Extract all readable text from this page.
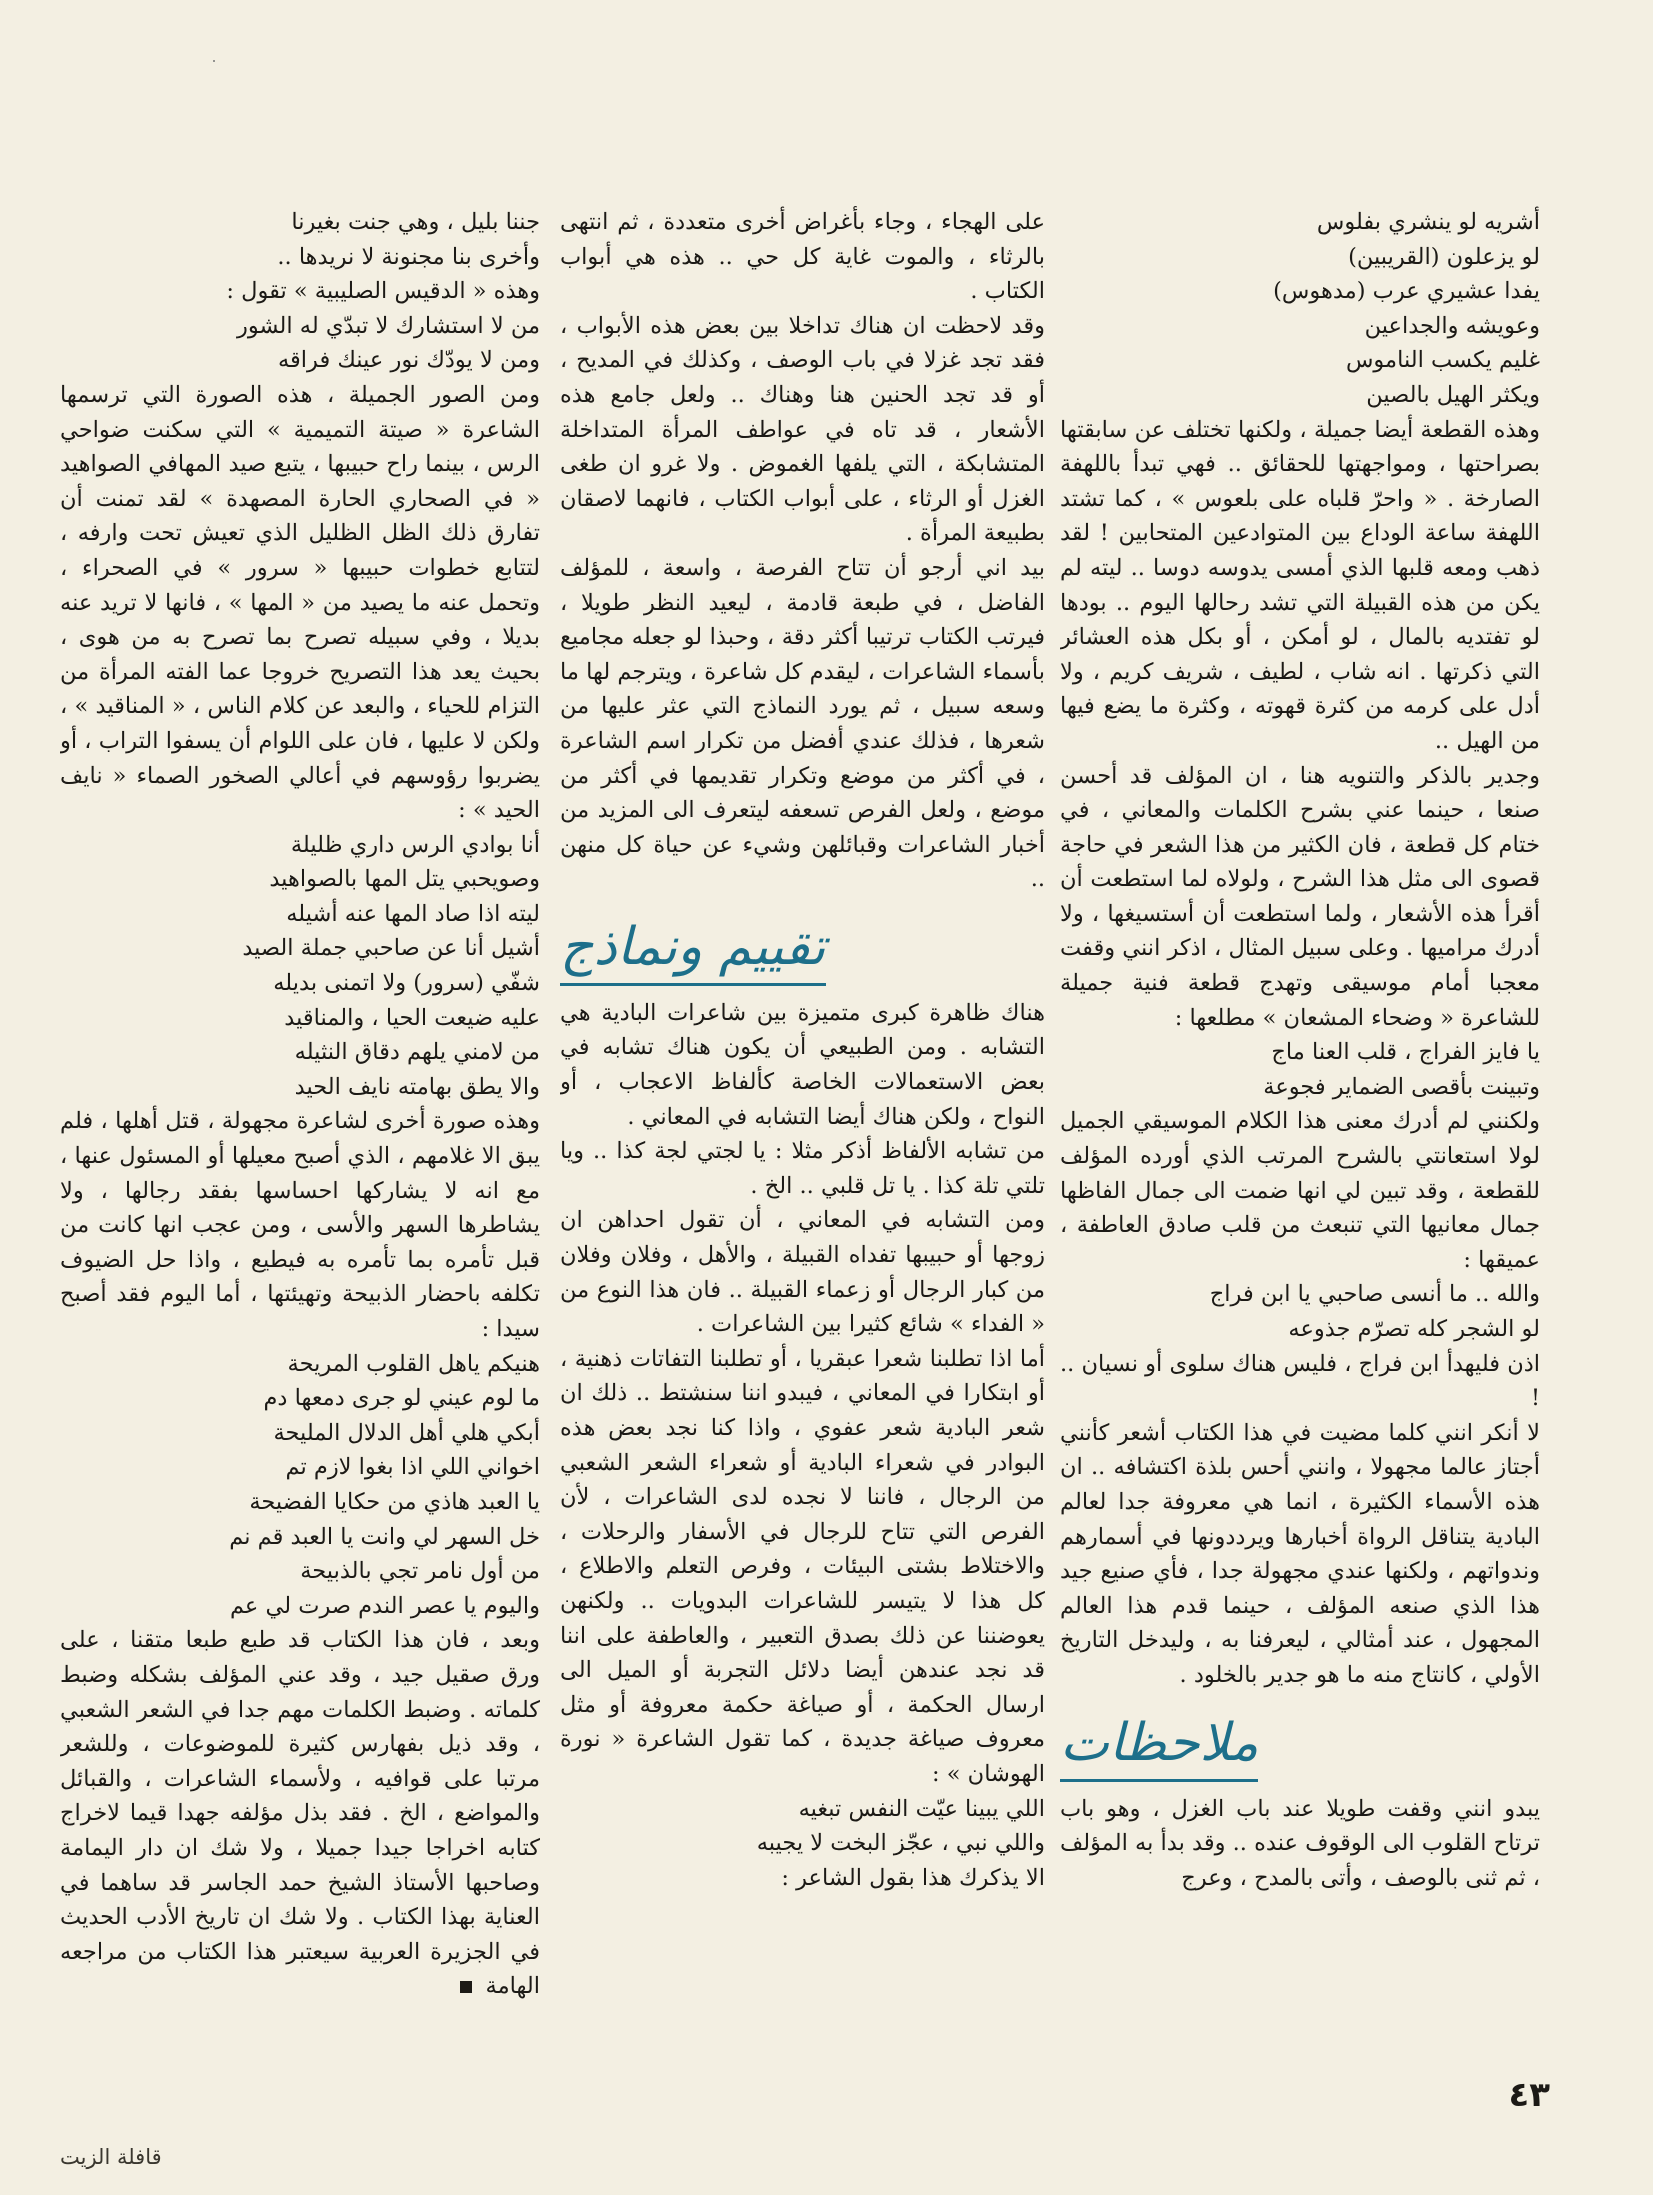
أشريه لو ينشري بفلوس
لو يزعلون (القريبين)
يفدا عشيري عرب (مدهوس)
وعويشه والجداعين
غليم يكسب الناموس
ويكثر الهيل بالصين

وهذه القطعة أيضا جميلة ، ولكنها تختلف عن سابقتها بصراحتها ، ومواجهتها للحقائق .. فهي تبدأ باللهفة الصارخة . « واحرّ قلباه على بلعوس » ، كما تشتد اللهفة ساعة الوداع بين المتوادعين المتحابين ! لقد ذهب ومعه قلبها الذي أمسى يدوسه دوسا .. ليته لم يكن من هذه القبيلة التي تشد رحالها اليوم .. بودها لو تفتديه بالمال ، لو أمكن ، أو بكل هذه العشائر التي ذكرتها . انه شاب ، لطيف ، شريف كريم ، ولا أدل على كرمه من كثرة قهوته ، وكثرة ما يضع فيها من الهيل ..

وجدير بالذكر والتنويه هنا ، ان المؤلف قد أحسن صنعا ، حينما عني بشرح الكلمات والمعاني ، في ختام كل قطعة ، فان الكثير من هذا الشعر في حاجة قصوى الى مثل هذا الشرح ، ولولاه لما استطعت أن أقرأ هذه الأشعار ، ولما استطعت أن أستسيغها ، ولا أدرك مراميها . وعلى سبيل المثال ، اذكر انني وقفت معجبا أمام موسيقى وتهدج قطعة فنية جميلة للشاعرة « وضحاء المشعان » مطلعها :

يا فايز الفراج ، قلب العنا ماج
وتبينت بأقصى الضماير فجوعة

ولكنني لم أدرك معنى هذا الكلام الموسيقي الجميل لولا استعانتي بالشرح المرتب الذي أورده المؤلف للقطعة ، وقد تبين لي انها ضمت الى جمال الفاظها جمال معانيها التي تنبعث من قلب صادق العاطفة ، عميقها :

والله .. ما أنسى صاحبي يا ابن فراج
لو الشجر كله تصرّم جذوعه

اذن فليهدأ ابن فراج ، فليس هناك سلوى أو نسيان .. !

لا أنكر انني كلما مضيت في هذا الكتاب أشعر كأنني أجتاز عالما مجهولا ، وانني أحس بلذة اكتشافه .. ان هذه الأسماء الكثيرة ، انما هي معروفة جدا لعالم البادية يتناقل الرواة أخبارها ويرددونها في أسمارهم وندواتهم ، ولكنها عندي مجهولة جدا ، فأي صنيع جيد هذا الذي صنعه المؤلف ، حينما قدم هذا العالم المجهول ، عند أمثالي ، ليعرفنا به ، وليدخل التاريخ الأولي ، كانتاج منه ما هو جدير بالخلود .

ملاحظات

يبدو انني وقفت طويلا عند باب الغزل ، وهو باب ترتاح القلوب الى الوقوف عنده .. وقد بدأ به المؤلف ، ثم ثنى بالوصف ، وأتى بالمدح ، وعرج

على الهجاء ، وجاء بأغراض أخرى متعددة ، ثم انتهى بالرثاء ، والموت غاية كل حي .. هذه هي أبواب الكتاب .

وقد لاحظت ان هناك تداخلا بين بعض هذه الأبواب ، فقد تجد غزلا في باب الوصف ، وكذلك في المديح ، أو قد تجد الحنين هنا وهناك .. ولعل جامع هذه الأشعار ، قد تاه في عواطف المرأة المتداخلة المتشابكة ، التي يلفها الغموض . ولا غرو ان طغى الغزل أو الرثاء ، على أبواب الكتاب ، فانهما لاصقان بطبيعة المرأة .

بيد اني أرجو أن تتاح الفرصة ، واسعة ، للمؤلف الفاضل ، في طبعة قادمة ، ليعيد النظر طويلا ، فيرتب الكتاب ترتيبا أكثر دقة ، وحبذا لو جعله مجاميع بأسماء الشاعرات ، ليقدم كل شاعرة ، ويترجم لها ما وسعه سبيل ، ثم يورد النماذج التي عثر عليها من شعرها ، فذلك عندي أفضل من تكرار اسم الشاعرة ، في أكثر من موضع وتكرار تقديمها في أكثر من موضع ، ولعل الفرص تسعفه ليتعرف الى المزيد من أخبار الشاعرات وقبائلهن وشيء عن حياة كل منهن ..

تقييم ونماذج

هناك ظاهرة كبرى متميزة بين شاعرات البادية هي التشابه . ومن الطبيعي أن يكون هناك تشابه في بعض الاستعمالات الخاصة كألفاظ الاعجاب ، أو النواح ، ولكن هناك أيضا التشابه في المعاني .

من تشابه الألفاظ أذكر مثلا : يا لجتي لجة كذا .. ويا تلتي تلة كذا . يا تل قلبي .. الخ .

ومن التشابه في المعاني ، أن تقول احداهن ان زوجها أو حبيبها تفداه القبيلة ، والأهل ، وفلان وفلان من كبار الرجال أو زعماء القبيلة .. فان هذا النوع من « الفداء » شائع كثيرا بين الشاعرات .

أما اذا تطلبنا شعرا عبقريا ، أو تطلبنا التفاتات ذهنية ، أو ابتكارا في المعاني ، فيبدو اننا سنشتط .. ذلك ان شعر البادية شعر عفوي ، واذا كنا نجد بعض هذه البوادر في شعراء البادية أو شعراء الشعر الشعبي من الرجال ، فاننا لا نجده لدى الشاعرات ، لأن الفرص التي تتاح للرجال في الأسفار والرحلات ، والاختلاط بشتى البيئات ، وفرص التعلم والاطلاع ، كل هذا لا يتيسر للشاعرات البدويات .. ولكنهن يعوضننا عن ذلك بصدق التعبير ، والعاطفة على اننا قد نجد عندهن أيضا دلائل التجربة أو الميل الى ارسال الحكمة ، أو صياغة حكمة معروفة أو مثل معروف صياغة جديدة ، كما تقول الشاعرة « نورة الهوشان » :

اللي يبينا عيّت النفس تبغيه
واللي نبي ، عجّز البخت لا يجيبه

الا يذكرك هذا بقول الشاعر :

جننا بليل ، وهي جنت بغيرنا
وأخرى بنا مجنونة لا نريدها ..

وهذه « الدقيس الصليبية » تقول :

من لا استشارك لا تبدّي له الشور
ومن لا يودّك نور عينك فراقه

ومن الصور الجميلة ، هذه الصورة التي ترسمها الشاعرة « صيتة التميمية » التي سكنت ضواحي الرس ، بينما راح حبيبها ، يتبع صيد المهافي الصواهيد « في الصحاري الحارة المصهدة » لقد تمنت أن تفارق ذلك الظل الظليل الذي تعيش تحت وارفه ، لتتابع خطوات حبيبها « سرور » في الصحراء ، وتحمل عنه ما يصيد من « المها » ، فانها لا تريد عنه بديلا ، وفي سبيله تصرح بما تصرح به من هوى ، بحيث يعد هذا التصريح خروجا عما الفته المرأة من التزام للحياء ، والبعد عن كلام الناس ، « المناقيد » ، ولكن لا عليها ، فان على اللوام أن يسفوا التراب ، أو يضربوا رؤوسهم في أعالي الصخور الصماء « نايف الحيد » :

أنا بوادي الرس داري ظليلة
وصويحبي يتل المها بالصواهيد
ليته اذا صاد المها عنه أشيله
أشيل أنا عن صاحبي جملة الصيد
شفّي (سرور) ولا اتمنى بديله
عليه ضيعت الحيا ، والمناقيد
من لامني يلهم دقاق النثيله
والا يطق بهامته نايف الحيد

وهذه صورة أخرى لشاعرة مجهولة ، قتل أهلها ، فلم يبق الا غلامهم ، الذي أصبح معيلها أو المسئول عنها ، مع انه لا يشاركها احساسها بفقد رجالها ، ولا يشاطرها السهر والأسى ، ومن عجب انها كانت من قبل تأمره بما تأمره به فيطيع ، واذا حل الضيوف تكلفه باحضار الذبيحة وتهيئتها ، أما اليوم فقد أصبح سيدا :

هنيكم ياهل القلوب المريحة
ما لوم عيني لو جرى دمعها دم
أبكي هلي أهل الدلال المليحة
اخواني اللي اذا بغوا لازم تم
يا العبد هاذي من حكايا الفضيحة
خل السهر لي وانت يا العبد قم نم
من أول نامر تجي بالذبيحة
واليوم يا عصر الندم صرت لي عم

وبعد ، فان هذا الكتاب قد طبع طبعا متقنا ، على ورق صقيل جيد ، وقد عني المؤلف بشكله وضبط كلماته . وضبط الكلمات مهم جدا في الشعر الشعبي ، وقد ذيل بفهارس كثيرة للموضوعات ، وللشعر مرتبا على قوافيه ، ولأسماء الشاعرات ، والقبائل والمواضع ، الخ . فقد بذل مؤلفه جهدا قيما لاخراج كتابه اخراجا جيدا جميلا ، ولا شك ان دار اليمامة وصاحبها الأستاذ الشيخ حمد الجاسر قد ساهما في العناية بهذا الكتاب . ولا شك ان تاريخ الأدب الحديث في الجزيرة العربية سيعتبر هذا الكتاب من مراجعه الهامة

٤٣
قافلة الزيت
